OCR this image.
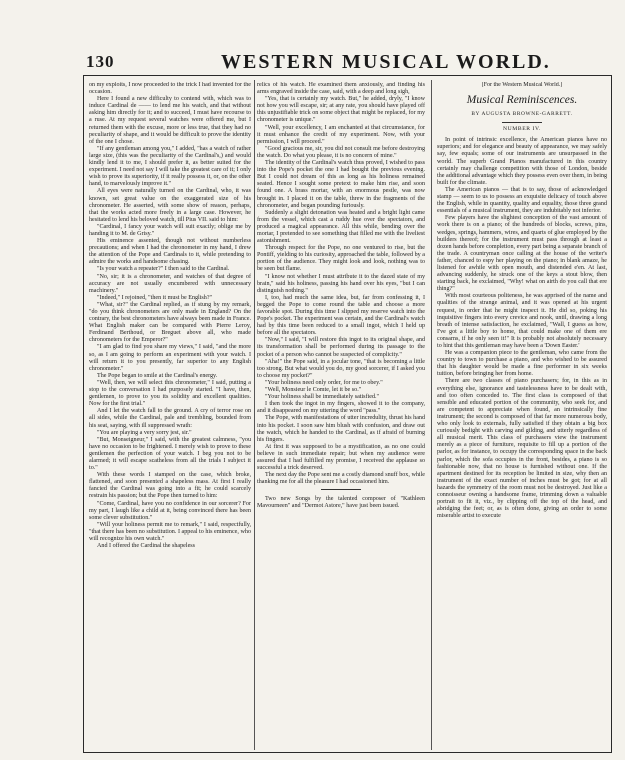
130	WESTERN MUSICAL WORLD.

on my exploits, I now proceeded to the trick I had invented for the occasion.

Here I found a new difficulty to contend with, which was to induce Cardinal de —— to lend me his watch, and that without asking him directly for it; and to succeed, I must have recourse to a ruse. At my request several watches were offered me, but I returned them with the excuse, more or less true, that they had no peculiarity of shape, and it would be difficult to prove the identity of the one I chose.

"If any gentleman among you," I added, "has a watch of rather large size, (this was the peculiarity of the Cardinal's,) and would kindly lend it to me, I should prefer it, as better suited for the experiment. I need not say I will take the greatest care of it; I only wish to prove its superiority, if it really possess it, or, on the other hand, to marvelously improve it."

All eyes were naturally turned on the Cardinal, who, it was known, set great value on the exaggerated size of his chronometer. He asserted, with some show of reason, perhaps, that the works acted more freely in a large case. However, he hesitated to lend his beloved watch, till Pius VII. said to him:

"Cardinal, I fancy your watch will suit exactly; oblige me by handing it to M. de Grisy."

His eminence assented, though not without numberless precautions; and when I had the chronometer in my hand, I drew the attention of the Pope and Cardinals to it, while pretending to admire the works and handsome chasing.

"Is your watch a repeater?" I then said to the Cardinal.

"No, sir; it is a chronometer, and watches of that degree of accuracy are not usually encumbered with unnecessary machinery."

"Indeed," I rejoined, "then it must be English?"

"What, sir?" the Cardinal replied, as if stung by my remark, "do you think chronometers are only made in England? On the contrary, the best chronometers have always been made in France. What English maker can be compared with Pierre Leroy, Ferdinand Berthoud, or Breguet above all, who made chronometers for the Emperor?"

"I am glad to find you share my views," I said, "and the more so, as I am going to perform an experiment with your watch. I will return it to you presently, far superior to any English chronometer."

The Pope began to smile at the Cardinal's energy.

"Well, then, we will select this chronometer," I said, putting a stop to the conversation I had purposely started. "I have, then, gentlemen, to prove to you its solidity and excellent qualities. Now for the first trial."

And I let the watch fall to the ground. A cry of terror rose on all sides, while the Cardinal, pale and trembling, bounded from his seat, saying, with ill suppressed wrath:

"You are playing a very sorry jest, sir."

"But, Monseigneur," I said, with the greatest calmness, "you have no occasion to be frightened. I merely wish to prove to these gentlemen the perfection of your watch. I beg you not to be alarmed; it will escape scatheless from all the trials I subject it to."

With these words I stamped on the case, which broke, flattened, and soon presented a shapeless mass. At first I really fancied the Cardinal was going into a fit; he could scarcely restrain his passion; but the Pope then turned to him:

"Come, Cardinal, have you no confidence in our sorcerer? For my part, I laugh like a child at it, being convinced there has been some clever substitution."

"Will your holiness permit me to remark," I said, respectfully, "that there has been no substitution. I appeal to his eminence, who will recognize his own watch."

And I offered the Cardinal the shapeless

relics of his watch. He examined them anxiously, and finding his arms engraved inside the case, said, with a deep and long sigh,

"Yes, that is certainly my watch. But," he added, dryly, "I know not how you will escape, sir; at any rate, you should have played off this unjustifiable trick on some object that might be replaced, for my chronometer is unique."

"Well, your excellency, I am enchanted at that circumstance, for it must enhance the credit of my experiment. Now, with your permission, I will proceed."

"Good gracious me, sir, you did not consult me before destroying the watch. Do what you please, it is no concern of mine."

The identity of the Cardinal's watch thus proved, I wished to pass into the Pope's pocket the one I had bought the previous evening. But I could not dream of this as long as his holiness remained seated. Hence I sought some pretext to make him rise, and soon found one. A brass mortar, with an enormous pestle, was now brought in. I placed it on the table, threw in the fragments of the chronometer, and began pounding furiously.

Suddenly a slight detonation was heated and a bright light came from the vessel, which cast a ruddy hue over the spectators, and produced a magical appearance. All this while, bending over the mortar, I pretended to see something that filled me with the liveliest astonishment.

Through respect for the Pope, no one ventured to rise, but the Pontiff, yielding to his curiosity, approached the table, followed by a portion of the audience. They might look and look, nothing was to be seen but flame.

"I know not whether I must attribute it to the dazed state of my brain," said his holiness, passing his hand over his eyes, "but I can distinguish nothing."

I, too, had much the same idea, but, far from confessing it, I begged the Pope to come round the table and choose a more favorable spot. During this time I slipped my reserve watch into the Pope's pocket. The experiment was certain, and the Cardinal's watch had by this time been reduced to a small ingot, which I held up before all the spectators.

"Now," I said, "I will restore this ingot to its original shape, and its transformation shall be performed during its passage to the pocket of a person who cannot be suspected of complicity."

"Aha!" the Pope said, in a jocular tone, "that is becoming a little too strong. But what would you do, my good sorcerer, if I asked you to choose my pocket?"

"Your holiness need only order, for me to obey."

"Well, Monsieur le Comte, let it be so."

"Your holiness shall be immediately satisfied."

I then took the ingot in my fingers, showed it to the company, and it disappeared on my uttering the word "pass."

The Pope, with manifestations of utter incredulity, thrust his hand into his pocket. I soon saw him blush with confusion, and draw out the watch, which he handed to the Cardinal, as if afraid of burning his fingers.

At first it was supposed to be a mystification, as no one could believe in such immediate repair; but when my audience were assured that I had fulfilled my promise, I received the applause so successful a trick deserved.

The next day the Pope sent me a costly diamond snuff box, while thanking me for all the pleasure I had occasioned him.

Two new Songs by the talented composer of "Kathleen Mavourneen" and "Dermot Astore," have just been issued.

[For the Western Musical World.]

Musical Reminiscences.
BY AUGUSTA BROWNE-GARRETT.
NUMBER IV.

In point of intrinsic excellence, the American pianos have no superiors; and for elegance and beauty of appearance, we may safely say, few equals; some of our instruments are unsurpassed in the world. The superb Grand Pianos manufactured in this country certainly may challenge competition with those of London, beside the additional advantage which they possess even over them, in being built for the climate.

The American pianos — that is to say, those of acknowledged stamp — seem to us to possess an exquisite delicacy of touch above the English, while in quantity, quality and equality, those three grand essentials of a musical instrument, they are indubitably not inferior.

Few players have the slightest conception of the vast amount of work there is on a piano; of the hundreds of blocks, screws, pins, wedges, springs, hammers, wires, and quarts of glue employed by the builders thereof; for the instrument must pass through at least a dozen hands before completion, every part being a separate branch of the trade. A countryman once calling at the house of the writer's father, chanced to espy her playing on the piano; in blank amaze, he listened for awhile with open mouth, and distended e'en. At last, advancing suddenly, he struck one of the keys a stout blow, then starting back, he exclaimed, "Why! what on airth do you call that ere thing?"

With most courteous politeness, he was apprised of the name and qualities of the strange animal, and it was opened at his urgent request, in order that he might inspect it. He did so, poking his inquisitive fingers into every crevice and nook, until, drawing a long breath of intense satisfaction, he exclaimed, "Wall, I guess as how, I've got a little boy to home, that could make one of them ere consarns, if he only seen it!" It is probably not absolutely necessary to hint that this gentleman may have been a 'Down Easter.'

He was a companion piece to the gentleman, who came from the country to town to purchase a piano, and who wished to be assured that his daughter would be made a fine performer in six weeks tuition, before bringing her from home.

There are two classes of piano purchasers; for, in this as in everything else, ignorance and tastelessness have to be dealt with, and too often conceded to. The first class is composed of that sensible and educated portion of the community, who seek for, and are competent to appreciate when found, an intrinsically fine instrument; the second is composed of that far more numerous body, who only look to externals, fully satisfied if they obtain a big box curiously bedight with carving and gilding, and utterly regardless of all musical merit. This class of purchasers view the instrument merely as a piece of furniture, requisite to fill up a portion of the parlor, as for instance, to occupy the corresponding space in the back parlor, which the sofa occupies in the front, besides, a piano is so fashionable now, that no house is furnished without one. If the apartment destined for its reception be limited in size, why then an instrument of the exact number of inches must be got; for at all hazards the symmetry of the room must not be destroyed. Just like a connoisseur owning a handsome frame, trimming down a valuable portrait to fit it, viz., by clipping off the top of the head, and abridging the feet; or, as is often done, giving an order to some miserable artist to execute
